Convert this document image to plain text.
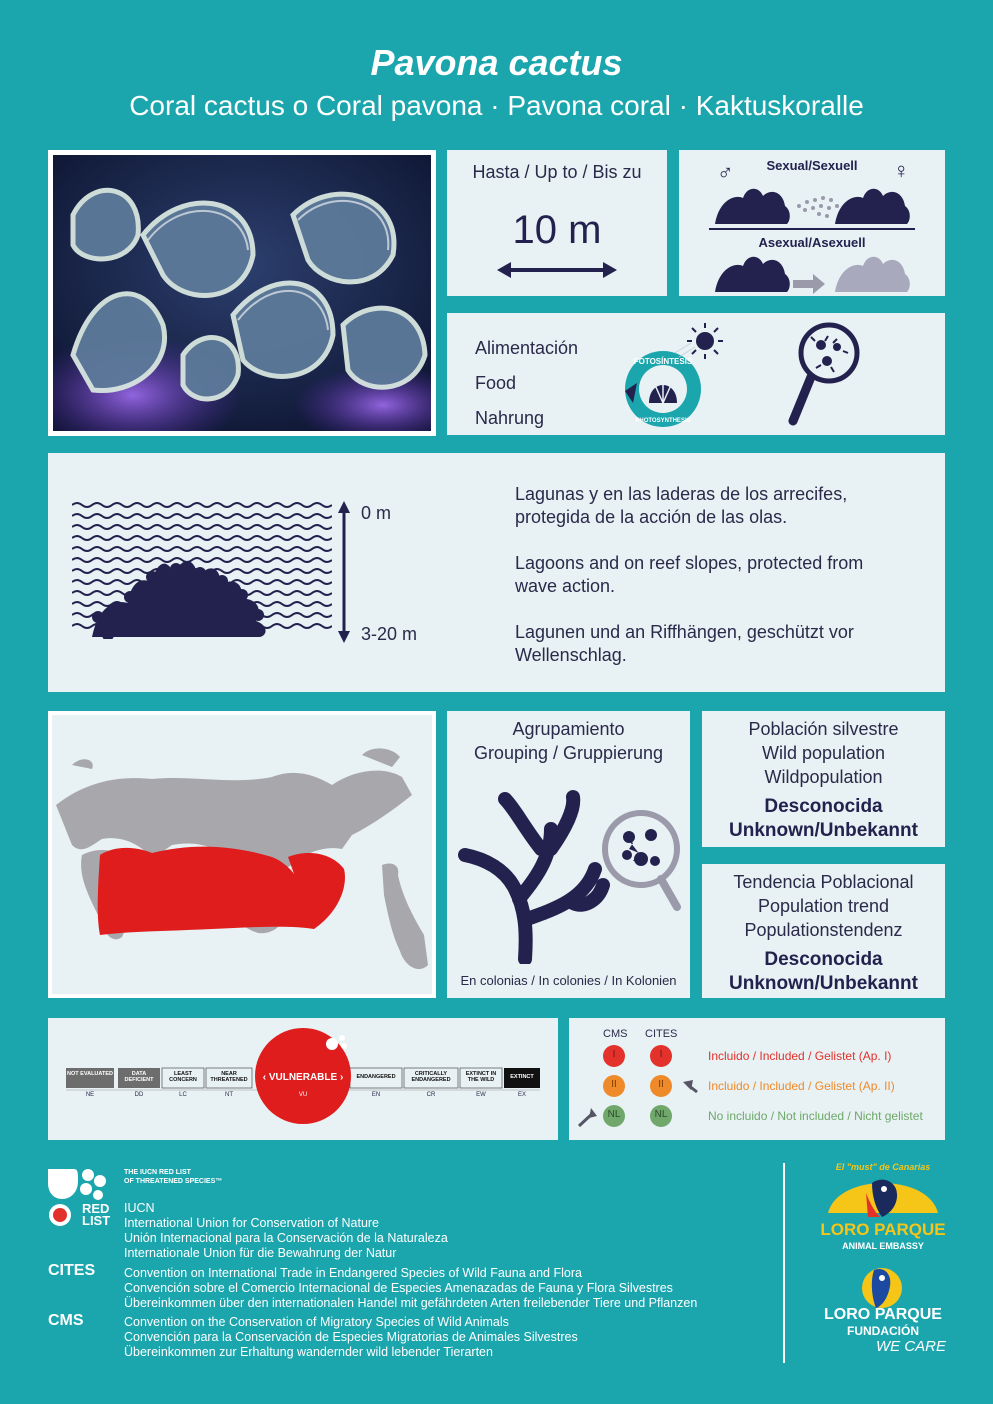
Pavona cactus
Coral cactus o Coral pavona · Pavona coral · Kaktuskoralle
Hasta / Up to / Bis zu
10 m
Sexual/Sexuell
♂	♀
Asexual/Asexuell
Alimentación
Food
Nahrung
FOTOSÍNTESIS
PHOTOSYNTHESIS
0 m
3-20 m
Lagunas y en las laderas de los arrecifes, protegida de la acción de las olas.
Lagoons and on reef slopes, protected from wave action.
Lagunen und an Riffhängen, geschützt vor Wellenschlag.
Agrupamiento
Grouping / Gruppierung
En colonias / In colonies / In Kolonien
Población silvestre
Wild population
Wildpopulation
Desconocida
Unknown/Unbekannt
Tendencia Poblacional
Population trend
Populationstendenz
Desconocida
Unknown/Unbekannt
NOT EVALUATED	DATA DEFICIENT
LEAST CONCERN
NEAR THREATENED	ENDANGERED	CRITICALLY ENDANGERED
EXTINCT IN THE WILD	EXTINCT
NE	DD	LC	NT	EN	CR	EW	EX
‹ VULNERABLE ›
VU
CMS CITES
I	I
II	II
NL	NL
Incluido / Included / Gelistet (Ap. I)
Incluido / Included / Gelistet (Ap. II)
No incluido / Not included / Nicht gelistet
RED LIST
THE IUCN RED LIST
OF THREATENED SPECIES™
IUCN
International Union for Conservation of Nature
Unión Internacional para la Conservación de la Naturaleza
Internationale Union für die Bewahrung der Natur
CITES Convention on International Trade in Endangered Species of Wild Fauna and Flora
Convención sobre el Comercio Internacional de Especies Amenazadas de Fauna y Flora Silvestres
Übereinkommen über den internationalen Handel mit gefährdeten Arten freilebender Tiere und Pflanzen
CMS	Convention on the Conservation of Migratory Species of Wild Animals
Convención para la Conservación de Especies Migratorias de Animales Silvestres
Übereinkommen zur Erhaltung wandernder wild lebender Tierarten
El "must" de Canarias
LORO PARQUE
ANIMAL EMBASSY
LORO PARQUE
FUNDACIÓN
WE CARE
